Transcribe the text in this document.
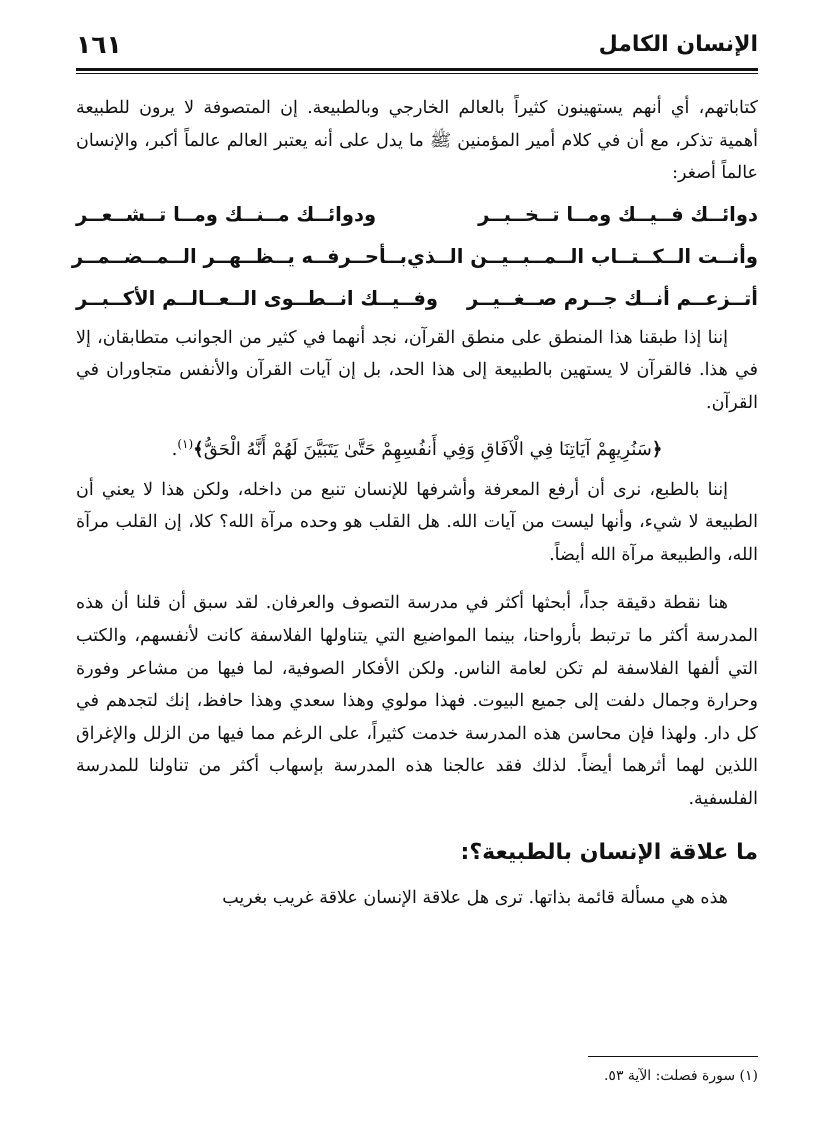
الإنسان الكامل
١٦١

كتاباتهم، أي أنهم يستهينون كثيراً بالعالم الخارجي وبالطبيعة. إن المتصوفة لا يرون للطبيعة أهمية تذكر، مع أن في كلام أمير المؤمنين ﷺ ما يدل على أنه يعتبر العالم عالماً أكبر، والإنسان عالماً أصغر:

دوائــك فــيــك ومــا تــخــبــر
ودوائــك مــنــك ومــا تــشــعــر
وأنــت الــكــتــاب الــمــبــيــن الــذي
بــأحــرفــه يــظــهــر الــمــضــمــر
أتــزعــم أنــك جــرم صــغــيــر
وفــيــك انــطــوى الــعــالــم الأكــبــر

إننا إذا طبقنا هذا المنطق على منطق القرآن، نجد أنهما في كثير من الجوانب متطابقان، إلا في هذا. فالقرآن لا يستهين بالطبيعة إلى هذا الحد، بل إن آيات القرآن والأنفس متجاوران في القرآن.

﴿سَنُرِيهِمْ آيَاتِنَا فِي الْآفَاقِ وَفِي أَنفُسِهِمْ حَتَّىٰ يَتَبَيَّنَ لَهُمْ أَنَّهُ الْحَقُّ﴾$^{(١)}$.

إننا بالطبع، نرى أن أرفع المعرفة وأشرفها للإنسان تنبع من داخله، ولكن هذا لا يعني أن الطبيعة لا شيء، وأنها ليست من آيات الله. هل القلب هو وحده مرآة الله؟ كلا، إن القلب مرآة الله، والطبيعة مرآة الله أيضاً.

هنا نقطة دقيقة جداً، أبحثها أكثر في مدرسة التصوف والعرفان. لقد سبق أن قلنا أن هذه المدرسة أكثر ما ترتبط بأرواحنا، بينما المواضيع التي يتناولها الفلاسفة كانت لأنفسهم، والكتب التي ألفها الفلاسفة لم تكن لعامة الناس. ولكن الأفكار الصوفية، لما فيها من مشاعر وفورة وحرارة وجمال دلفت إلى جميع البيوت. فهذا مولوي وهذا سعدي وهذا حافظ، إنك لتجدهم في كل دار. ولهذا فإن محاسن هذه المدرسة خدمت كثيراً، على الرغم مما فيها من الزلل والإغراق اللذين لهما أثرهما أيضاً. لذلك فقد عالجنا هذه المدرسة بإسهاب أكثر من تناولنا للمدرسة الفلسفية.

ما علاقة الإنسان بالطبيعة؟:

هذه هي مسألة قائمة بذاتها. ترى هل علاقة الإنسان علاقة غريب بغريب

(١) سورة فصلت: الآية ٥٣.
